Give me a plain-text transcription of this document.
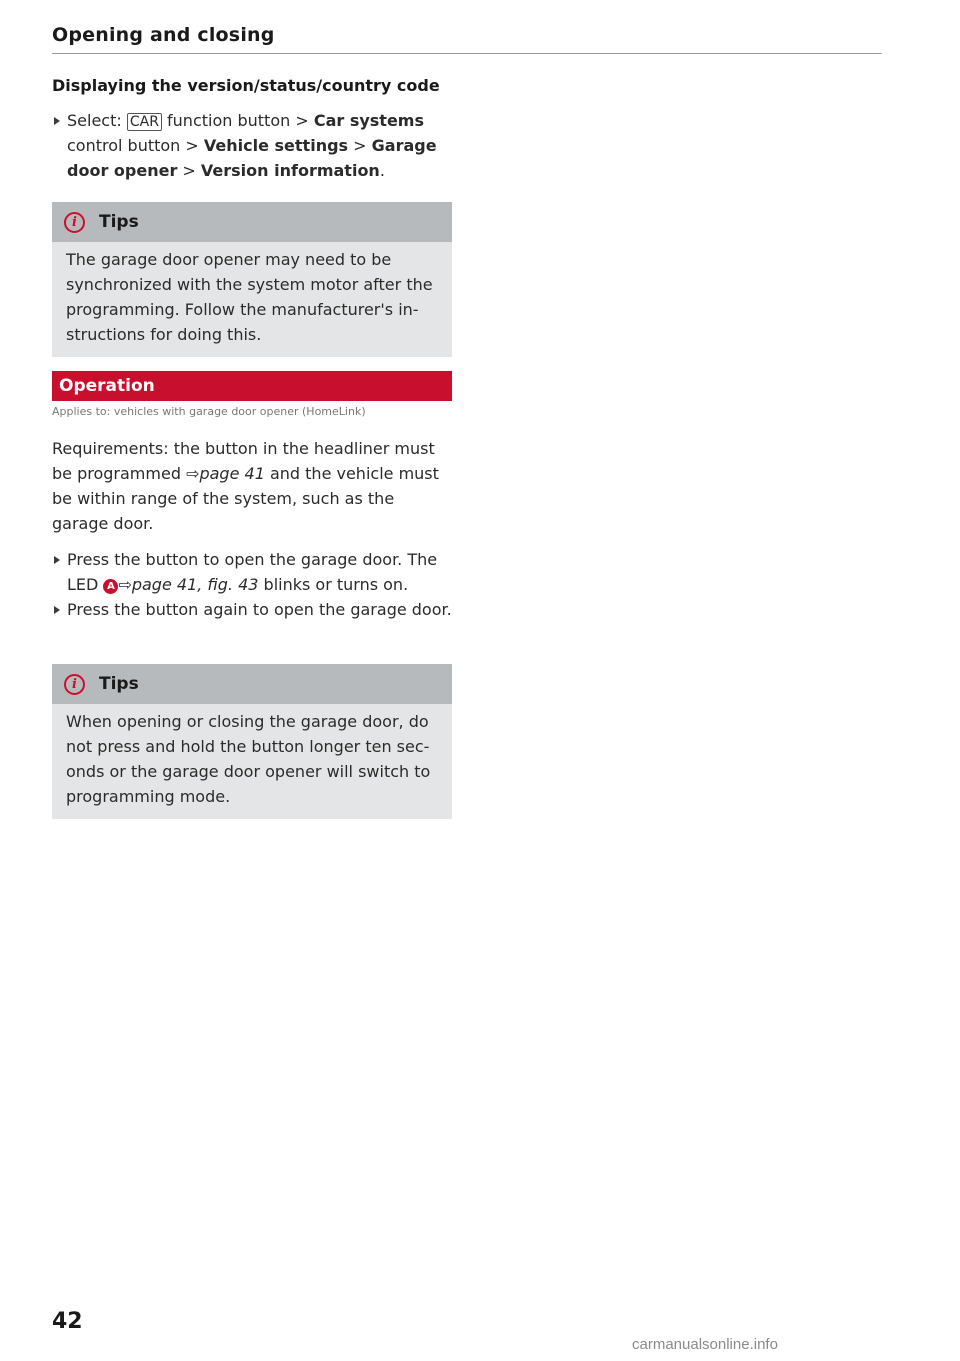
Opening and closing

Displaying the version/status/country code

Select: CAR function button > Car systems control button > Vehicle settings > Garage door opener > Version information.
i	Tips
The garage door opener may need to be synchronized with the system motor after the programming. Follow the manufacturer's in-structions for doing this.
Operation
Applies to: vehicles with garage door opener (HomeLink)

Requirements: the button in the headliner must be programmed ⇨page 41 and the vehicle must be within range of the system, such as the garage door.

Press the button to open the garage door. The LED A ⇨page 41, fig. 43 blinks or turns on.
Press the button again to open the garage door.
i	Tips
When opening or closing the garage door, do not press and hold the button longer ten sec-onds or the garage door opener will switch to programming mode.
42
carmanualsonline.info
